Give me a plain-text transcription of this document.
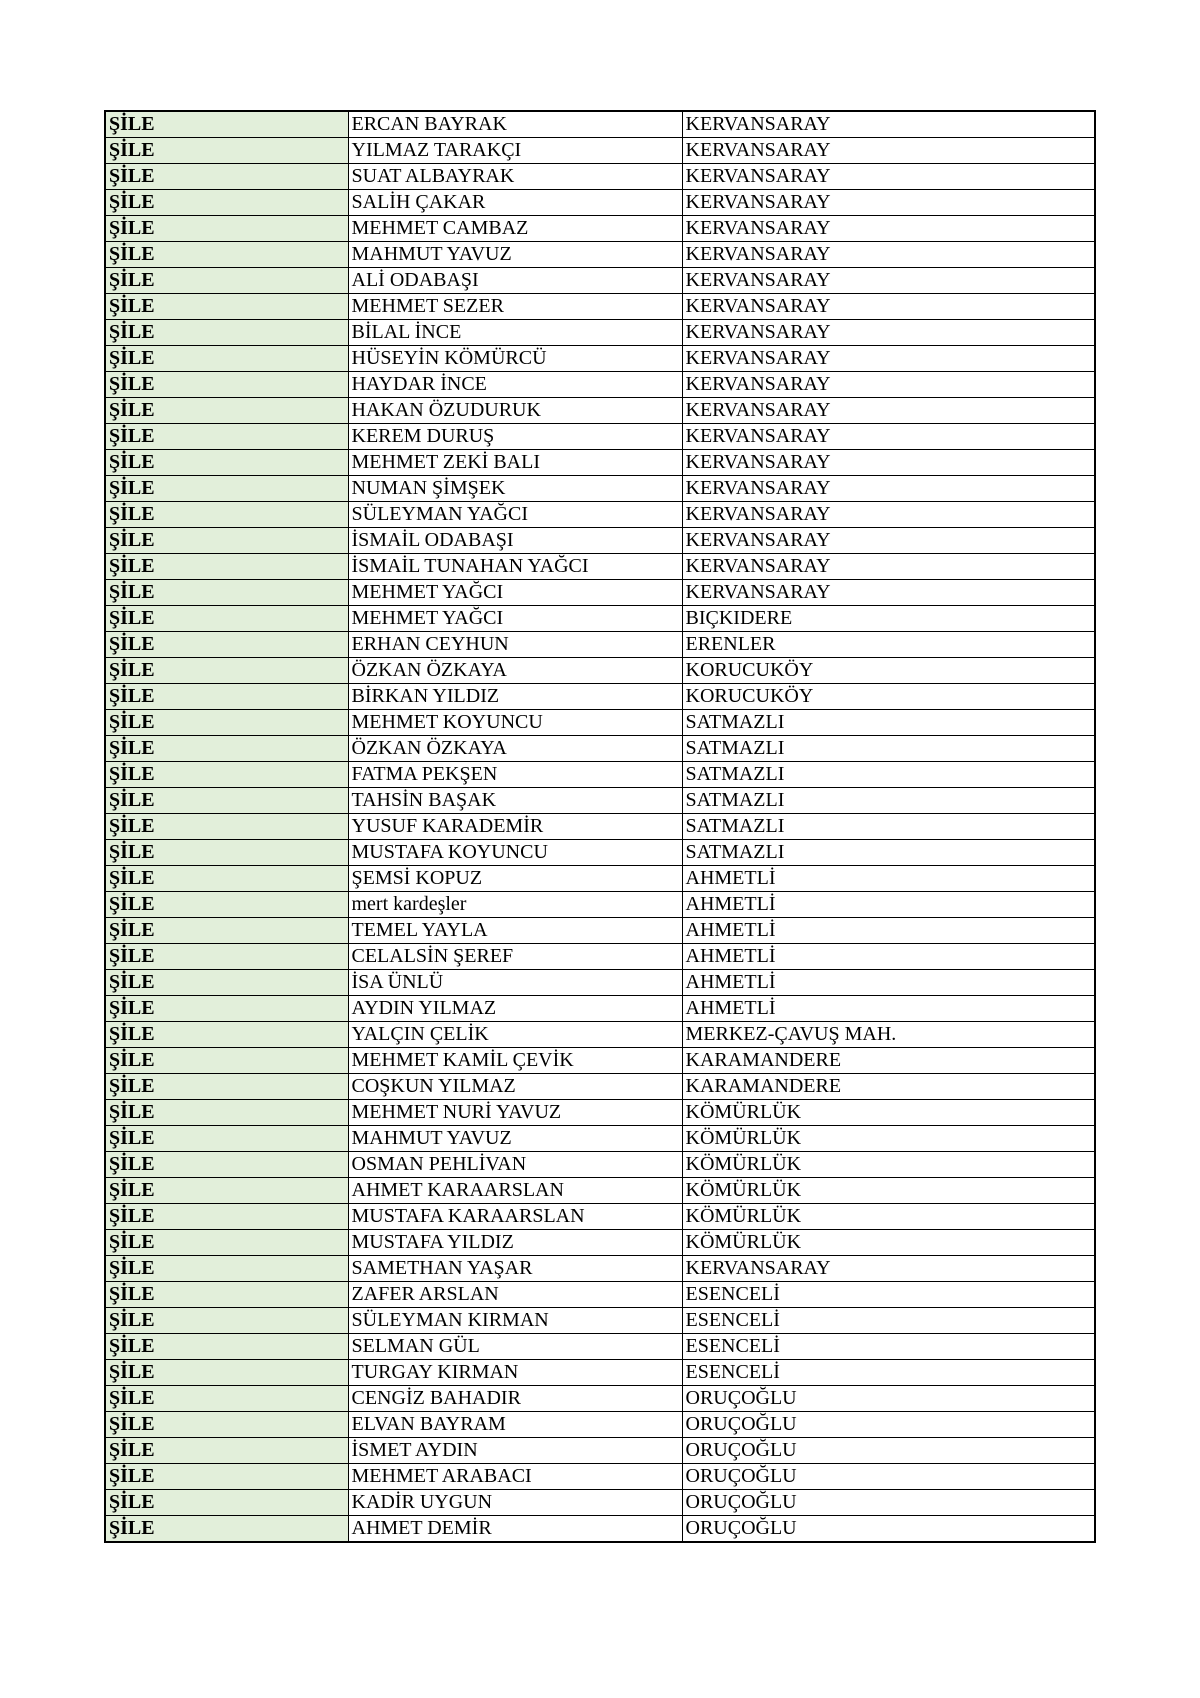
ŞİLE	ERCAN BAYRAK	KERVANSARAY
ŞİLE	YILMAZ TARAKÇI	KERVANSARAY
ŞİLE	SUAT ALBAYRAK	KERVANSARAY
ŞİLE	SALİH ÇAKAR	KERVANSARAY
ŞİLE	MEHMET CAMBAZ	KERVANSARAY
ŞİLE	MAHMUT YAVUZ	KERVANSARAY
ŞİLE	ALİ ODABAŞI	KERVANSARAY
ŞİLE	MEHMET SEZER	KERVANSARAY
ŞİLE	BİLAL İNCE	KERVANSARAY
ŞİLE	HÜSEYİN KÖMÜRCÜ	KERVANSARAY
ŞİLE	HAYDAR İNCE	KERVANSARAY
ŞİLE	HAKAN ÖZUDURUK	KERVANSARAY
ŞİLE	KEREM DURUŞ	KERVANSARAY
ŞİLE	MEHMET ZEKİ BALI	KERVANSARAY
ŞİLE	NUMAN ŞİMŞEK	KERVANSARAY
ŞİLE	SÜLEYMAN YAĞCI	KERVANSARAY
ŞİLE	İSMAİL ODABAŞI	KERVANSARAY
ŞİLE	İSMAİL TUNAHAN YAĞCI	KERVANSARAY
ŞİLE	MEHMET YAĞCI	KERVANSARAY
ŞİLE	MEHMET YAĞCI	BIÇKIDERE
ŞİLE	ERHAN CEYHUN	ERENLER
ŞİLE	ÖZKAN ÖZKAYA	KORUCUKÖY
ŞİLE	BİRKAN YILDIZ	KORUCUKÖY
ŞİLE	MEHMET KOYUNCU	SATMAZLI
ŞİLE	ÖZKAN ÖZKAYA	SATMAZLI
ŞİLE	FATMA PEKŞEN	SATMAZLI
ŞİLE	TAHSİN BAŞAK	SATMAZLI
ŞİLE	YUSUF KARADEMİR	SATMAZLI
ŞİLE	MUSTAFA KOYUNCU	SATMAZLI
ŞİLE	ŞEMSİ KOPUZ	AHMETLİ
ŞİLE	mert kardeşler	AHMETLİ
ŞİLE	TEMEL YAYLA	AHMETLİ
ŞİLE	CELALSİN ŞEREF	AHMETLİ
ŞİLE	İSA ÜNLÜ	AHMETLİ
ŞİLE	AYDIN YILMAZ	AHMETLİ
ŞİLE	YALÇIN ÇELİK	MERKEZ-ÇAVUŞ MAH.
ŞİLE	MEHMET KAMİL ÇEVİK	KARAMANDERE
ŞİLE	COŞKUN YILMAZ	KARAMANDERE
ŞİLE	MEHMET NURİ YAVUZ	KÖMÜRLÜK
ŞİLE	MAHMUT YAVUZ	KÖMÜRLÜK
ŞİLE	OSMAN PEHLİVAN	KÖMÜRLÜK
ŞİLE	AHMET KARAARSLAN	KÖMÜRLÜK
ŞİLE	MUSTAFA KARAARSLAN	KÖMÜRLÜK
ŞİLE	MUSTAFA YILDIZ	KÖMÜRLÜK
ŞİLE	SAMETHAN YAŞAR	KERVANSARAY
ŞİLE	ZAFER ARSLAN	ESENCELİ
ŞİLE	SÜLEYMAN KIRMAN	ESENCELİ
ŞİLE	SELMAN GÜL	ESENCELİ
ŞİLE	TURGAY KIRMAN	ESENCELİ
ŞİLE	CENGİZ BAHADIR	ORUÇOĞLU
ŞİLE	ELVAN BAYRAM	ORUÇOĞLU
ŞİLE	İSMET AYDIN	ORUÇOĞLU
ŞİLE	MEHMET ARABACI	ORUÇOĞLU
ŞİLE	KADİR UYGUN	ORUÇOĞLU
ŞİLE	AHMET DEMİR	ORUÇOĞLU
